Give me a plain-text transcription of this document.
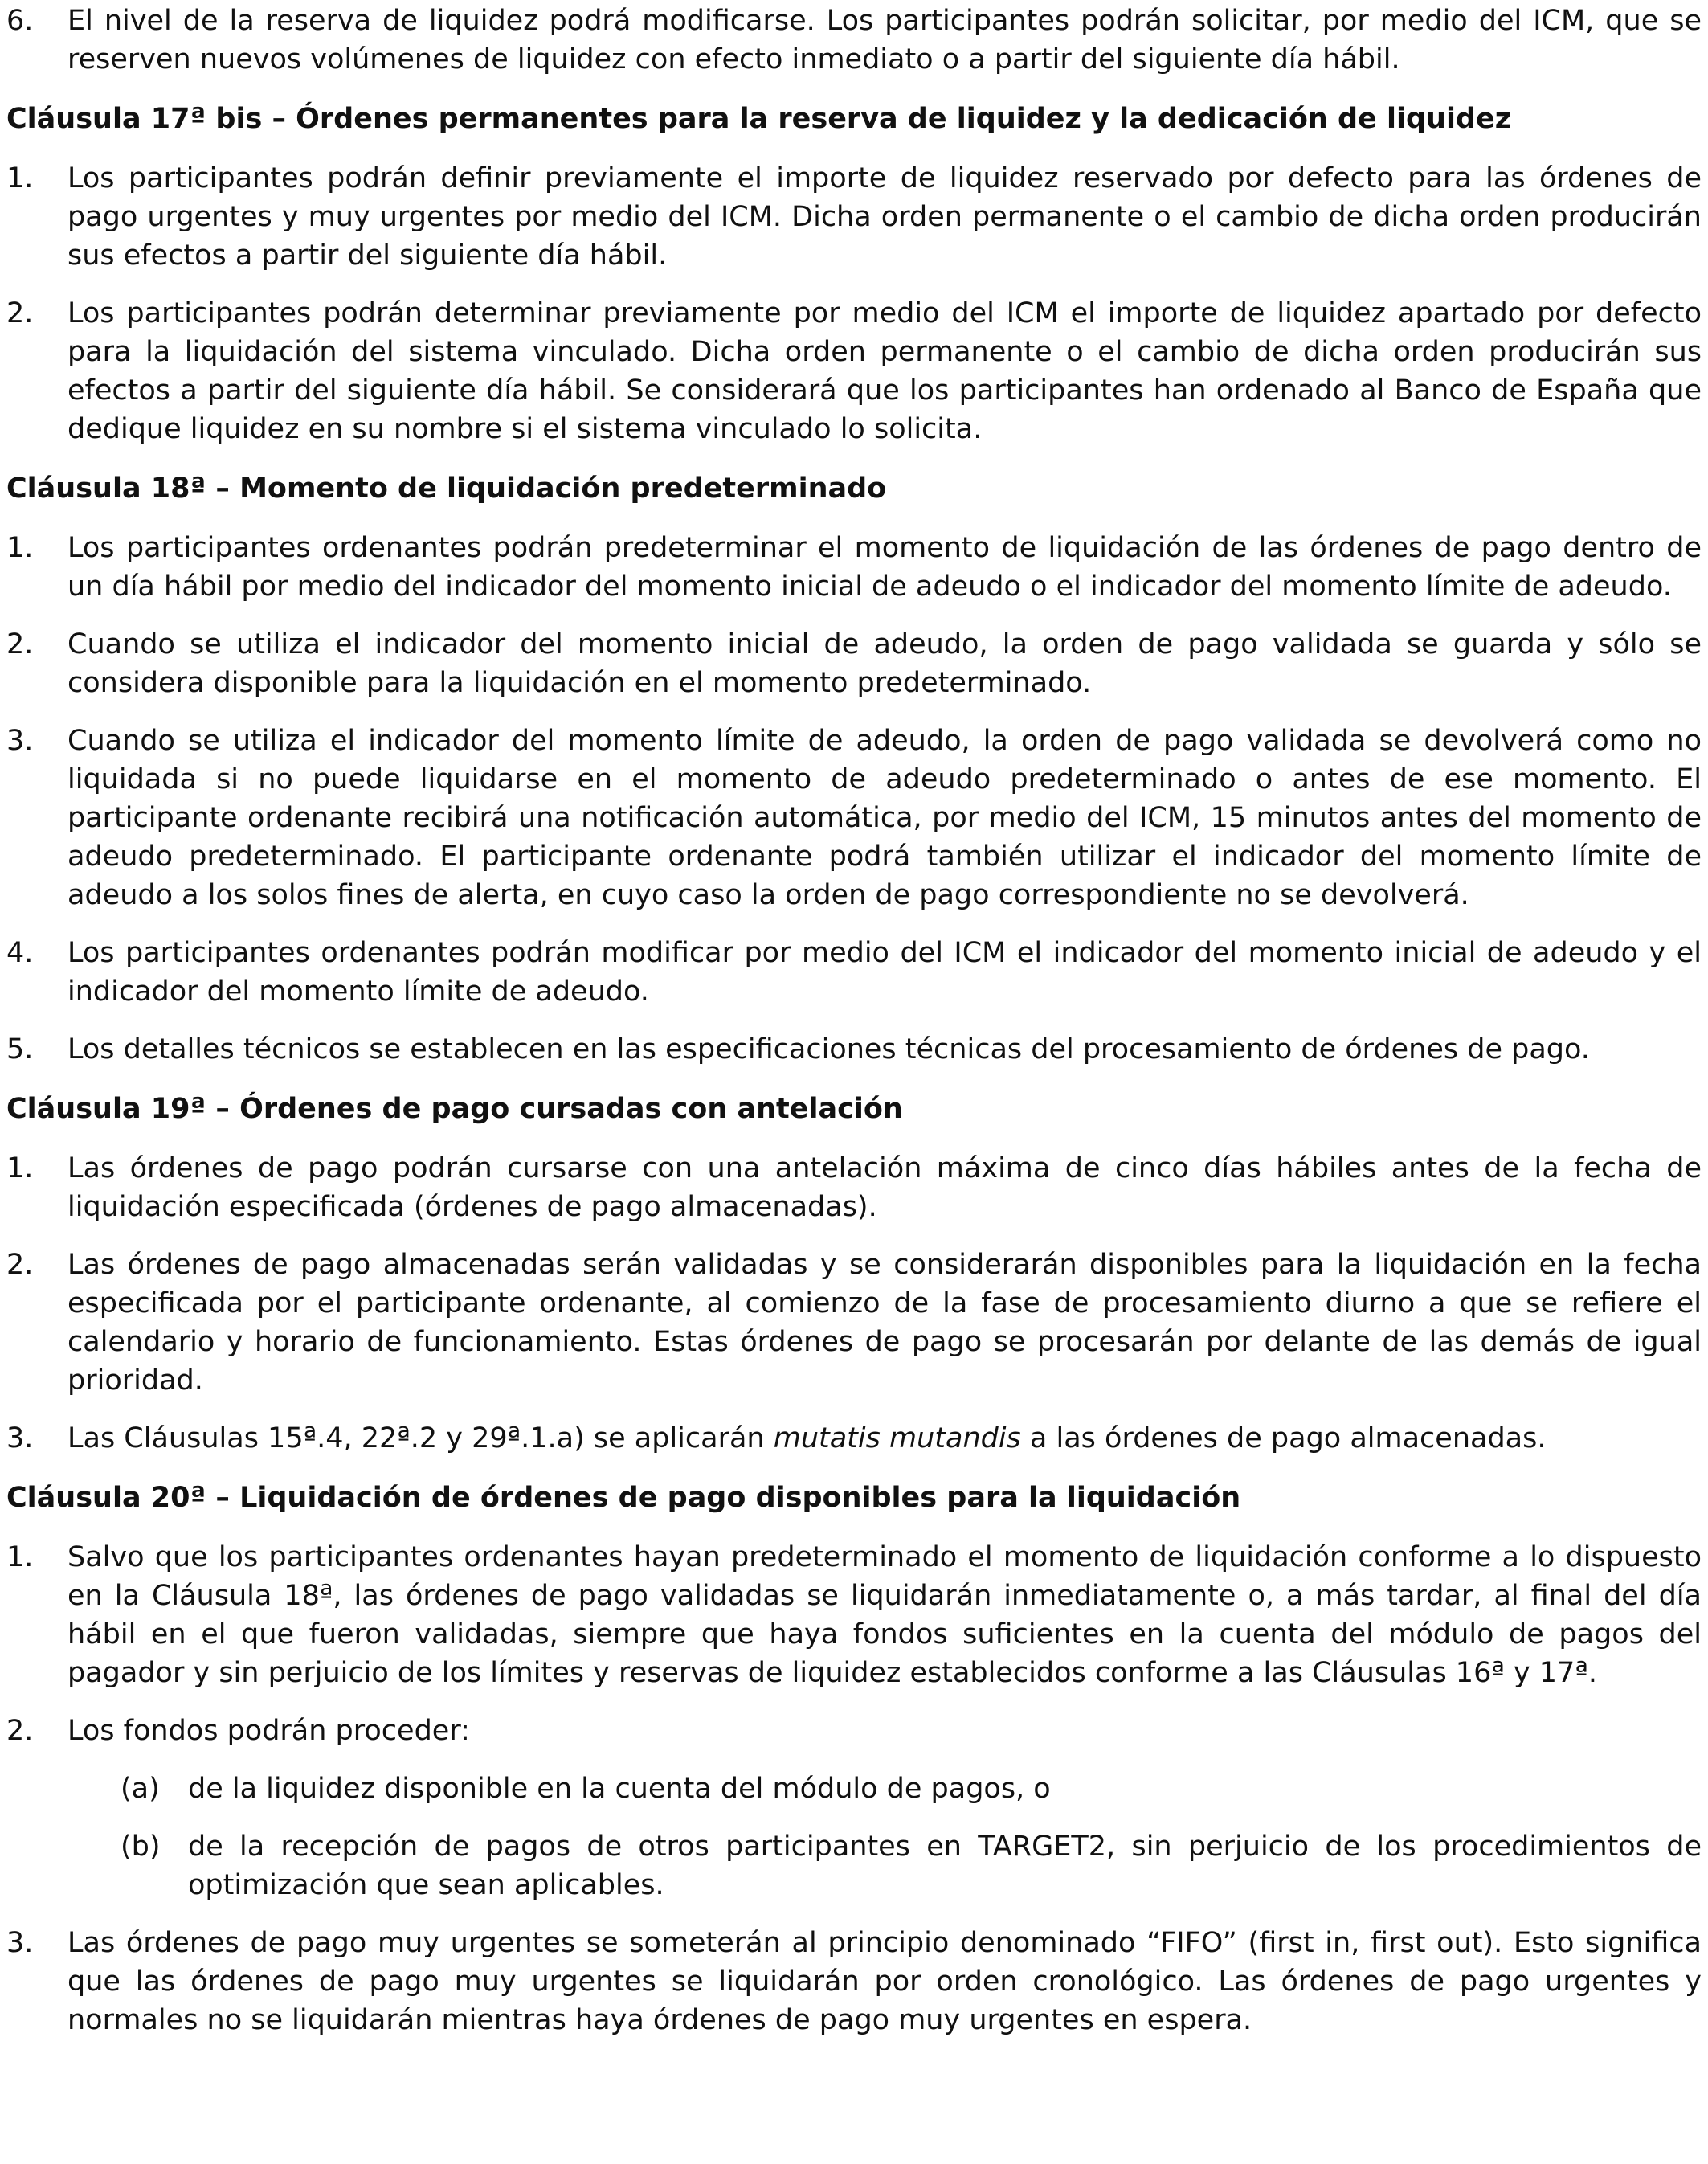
6.	El nivel de la reserva de liquidez podrá modificarse. Los participantes podrán solicitar, por medio del ICM, que se reserven nuevos volúmenes de liquidez con efecto inmediato o a partir del siguiente día hábil.
Cláusula 17ª bis – Órdenes permanentes para la reserva de liquidez y la dedicación de liquidez
1.	Los participantes podrán definir previamente el importe de liquidez reservado por defecto para las órdenes de pago urgentes y muy urgentes por medio del ICM. Dicha orden permanente o el cambio de dicha orden producirán sus efectos a partir del siguiente día hábil.
2.	Los participantes podrán determinar previamente por medio del ICM el importe de liquidez apartado por defecto para la liquidación del sistema vinculado. Dicha orden permanente o el cambio de dicha orden producirán sus efectos a partir del siguiente día hábil. Se considerará que los participantes han ordenado al Banco de España que dedique liquidez en su nombre si el sistema vinculado lo solicita.
Cláusula 18ª – Momento de liquidación predeterminado
1.	Los participantes ordenantes podrán predeterminar el momento de liquidación de las órdenes de pago dentro de un día hábil por medio del indicador del momento inicial de adeudo o el indicador del momento límite de adeudo.
2.	Cuando se utiliza el indicador del momento inicial de adeudo, la orden de pago validada se guarda y sólo se considera disponible para la liquidación en el momento predeterminado.
3.	Cuando se utiliza el indicador del momento límite de adeudo, la orden de pago validada se devolverá como no liquidada si no puede liquidarse en el momento de adeudo predeterminado o antes de ese momento. El participante ordenante recibirá una notificación automática, por medio del ICM, 15 minutos antes del momento de adeudo predeterminado. El participante ordenante podrá también utilizar el indicador del momento límite de adeudo a los solos fines de alerta, en cuyo caso la orden de pago correspondiente no se devolverá.
4.	Los participantes ordenantes podrán modificar por medio del ICM el indicador del momento inicial de adeudo y el indicador del momento límite de adeudo.
5.	Los detalles técnicos se establecen en las especificaciones técnicas del procesamiento de órdenes de pago.
Cláusula 19ª – Órdenes de pago cursadas con antelación
1.	Las órdenes de pago podrán cursarse con una antelación máxima de cinco días hábiles antes de la fecha de liquidación especificada (órdenes de pago almacenadas).
2.	Las órdenes de pago almacenadas serán validadas y se considerarán disponibles para la liquidación en la fecha especificada por el participante ordenante, al comienzo de la fase de procesamiento diurno a que se refiere el calendario y horario de funcionamiento. Estas órdenes de pago se procesarán por delante de las demás de igual prioridad.
3.	Las Cláusulas 15ª.4, 22ª.2 y 29ª.1.a) se aplicarán mutatis mutandis a las órdenes de pago almacenadas.
Cláusula 20ª – Liquidación de órdenes de pago disponibles para la liquidación
1.	Salvo que los participantes ordenantes hayan predeterminado el momento de liquidación conforme a lo dispuesto en la Cláusula 18ª, las órdenes de pago validadas se liquidarán inmediatamente o, a más tardar, al final del día hábil en el que fueron validadas, siempre que haya fondos suficientes en la cuenta del módulo de pagos del pagador y sin perjuicio de los límites y reservas de liquidez establecidos conforme a las Cláusulas 16ª y 17ª.
2.	Los fondos podrán proceder:
(a)	de la liquidez disponible en la cuenta del módulo de pagos, o
(b) de la recepción de pagos de otros participantes en TARGET2, sin perjuicio de los procedimientos de optimización que sean aplicables.
3.	Las órdenes de pago muy urgentes se someterán al principio denominado “FIFO” (first in, first out). Esto significa que las órdenes de pago muy urgentes se liquidarán por orden cronológico. Las órdenes de pago urgentes y normales no se liquidarán mientras haya órdenes de pago muy urgentes en espera.
